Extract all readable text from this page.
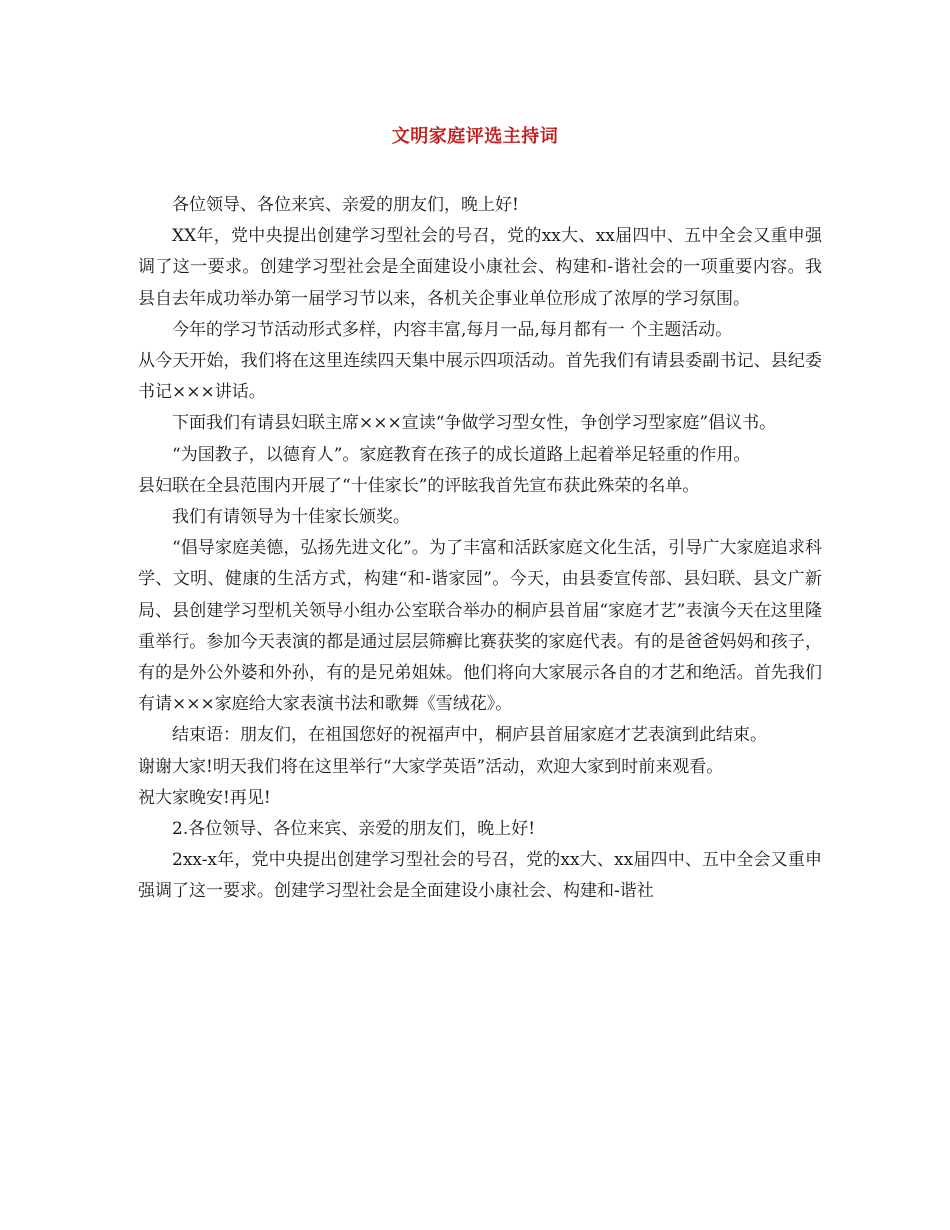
文明家庭评选主持词

各位领导、各位来宾、亲爱的朋友们，晚上好!

XX年，党中央提出创建学习型社会的号召，党的xx大、xx届四中、五中全会又重申强调了这一要求。创建学习型社会是全面建设小康社会、构建和-谐社会的一项重要内容。我县自去年成功举办第一届学习节以来，各机关企事业单位形成了浓厚的学习氛围。

今年的学习节活动形式多样，内容丰富,每月一品,每月都有一 个主题活动。

从今天开始，我们将在这里连续四天集中展示四项活动。首先我们有请县委副书记、县纪委书记×××讲话。

下面我们有请县妇联主席×××宣读“争做学习型女性，争创学习型家庭”倡议书。

“为国教子，以德育人”。家庭教育在孩子的成长道路上起着举足轻重的作用。

县妇联在全县范围内开展了“十佳家长”的评眩我首先宣布获此殊荣的名单。

我们有请领导为十佳家长颁奖。

“倡导家庭美德，弘扬先进文化”。为了丰富和活跃家庭文化生活，引导广大家庭追求科学、文明、健康的生活方式，构建“和-谐家园”。今天，由县委宣传部、县妇联、县文广新局、县创建学习型机关领导小组办公室联合举办的桐庐县首届“家庭才艺”表演今天在这里隆重举行。参加今天表演的都是通过层层筛癣比赛获奖的家庭代表。有的是爸爸妈妈和孩子，有的是外公外婆和外孙，有的是兄弟姐妹。他们将向大家展示各自的才艺和绝活。首先我们有请×××家庭给大家表演书法和歌舞《雪绒花》。

结束语：朋友们，在祖国您好的祝福声中，桐庐县首届家庭才艺表演到此结束。

谢谢大家!明天我们将在这里举行“大家学英语”活动，欢迎大家到时前来观看。

祝大家晚安!再见!

2.各位领导、各位来宾、亲爱的朋友们，晚上好!

2xx-x年，党中央提出创建学习型社会的号召，党的xx大、xx届四中、五中全会又重申强调了这一要求。创建学习型社会是全面建设小康社会、构建和-谐社
